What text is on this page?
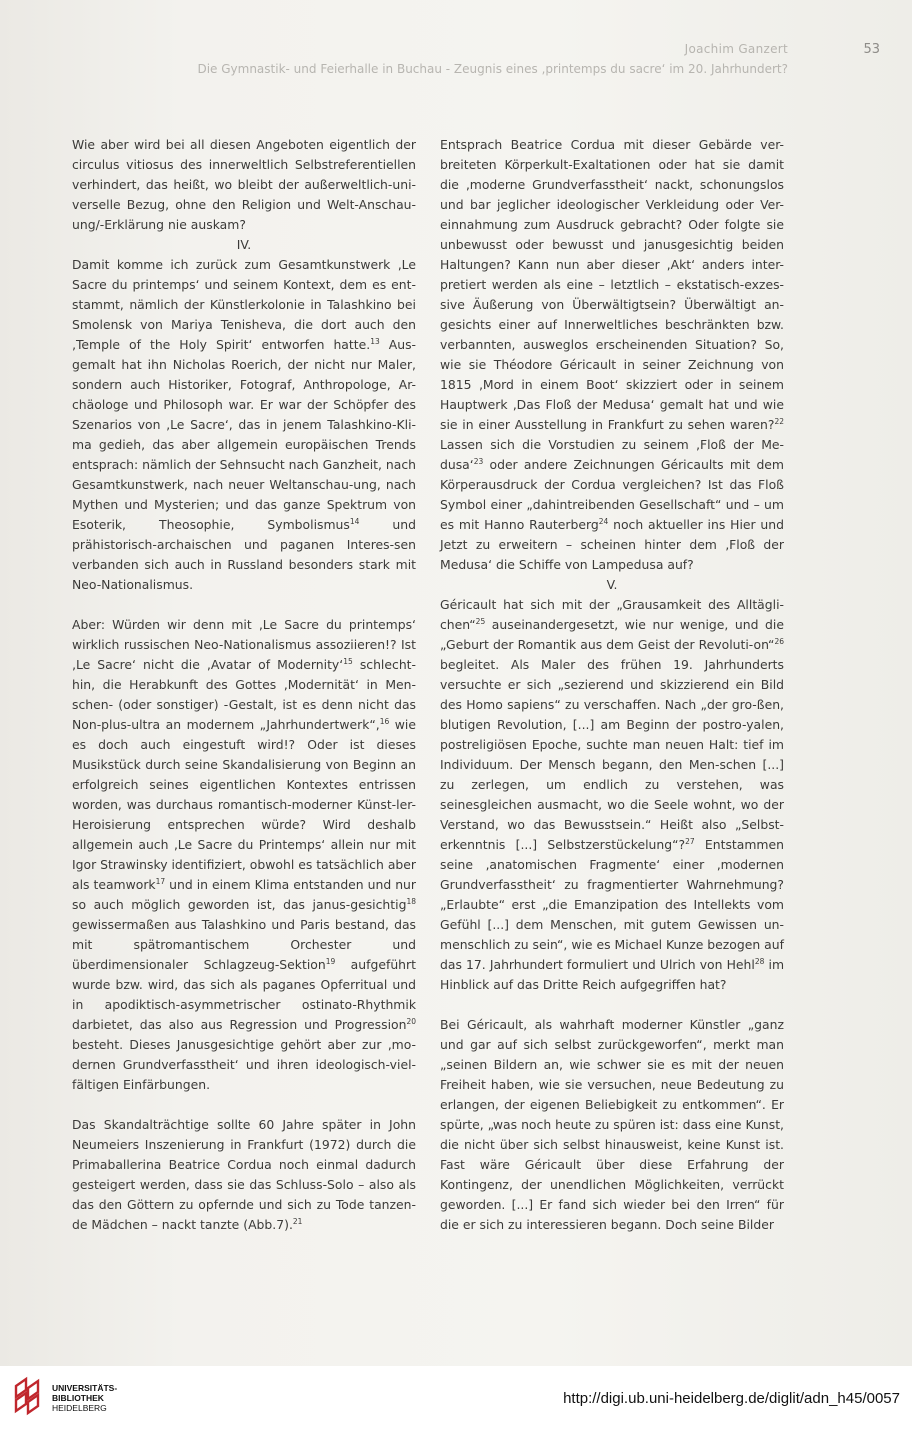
Joachim Ganzert	53
Die Gymnastik- und Feierhalle in Buchau - Zeugnis eines ‚printemps du sacre‘ im 20. Jahrhundert?

Wie aber wird bei all diesen Angeboten eigentlich der circulus vitiosus des innerweltlich Selbstreferentiellen verhindert, das heißt, wo bleibt der außerweltlich-uni-verselle Bezug, ohne den Religion und Welt-Anschau-ung/-Erklärung nie auskam?

IV.

Damit komme ich zurück zum Gesamtkunstwerk ‚Le Sacre du printemps‘ und seinem Kontext, dem es ent-stammt, nämlich der Künstlerkolonie in Talashkino bei Smolensk von Mariya Tenisheva, die dort auch den ‚Temple of the Holy Spirit‘ entworfen hatte.$^{13}$ Aus-gemalt hat ihn Nicholas Roerich, der nicht nur Maler, sondern auch Historiker, Fotograf, Anthropologe, Ar-chäologe und Philosoph war. Er war der Schöpfer des Szenarios von ‚Le Sacre‘, das in jenem Talashkino-Kli-ma gedieh, das aber allgemein europäischen Trends entsprach: nämlich der Sehnsucht nach Ganzheit, nach Gesamtkunstwerk, nach neuer Weltanschau-ung, nach Mythen und Mysterien; und das ganze Spektrum von Esoterik, Theosophie, Symbolismus$^{14}$ und prähistorisch-archaischen und paganen Interes-sen verbanden sich auch in Russland besonders stark mit Neo-Nationalismus.

Aber: Würden wir denn mit ‚Le Sacre du printemps‘ wirklich russischen Neo-Nationalismus assoziieren!? Ist ‚Le Sacre‘ nicht die ‚Avatar of Modernity‘$^{15}$ schlecht-hin, die Herabkunft des Gottes ‚Modernität‘ in Men-schen- (oder sonstiger) -Gestalt, ist es denn nicht das Non-plus-ultra an modernem „Jahrhundertwerk“,$^{16}$ wie es doch auch eingestuft wird!? Oder ist dieses Musikstück durch seine Skandalisierung von Beginn an erfolgreich seines eigentlichen Kontextes entrissen worden, was durchaus romantisch-moderner Künst-ler-Heroisierung entsprechen würde? Wird deshalb allgemein auch ‚Le Sacre du Printemps‘ allein nur mit Igor Strawinsky identifiziert, obwohl es tatsächlich aber als teamwork$^{17}$ und in einem Klima entstanden und nur so auch möglich geworden ist, das janus-gesichtig$^{18}$ gewissermaßen aus Talashkino und Paris bestand, das mit spätromantischem Orchester und überdimensionaler Schlagzeug-Sektion$^{19}$ aufgeführt wurde bzw. wird, das sich als paganes Opferritual und in apodiktisch-asymmetrischer ostinato-Rhythmik darbietet, das also aus Regression und Progression$^{20}$ besteht. Dieses Janusgesichtige gehört aber zur ‚mo-dernen Grundverfasstheit‘ und ihren ideologisch-viel-fältigen Einfärbungen.

Das Skandalträchtige sollte 60 Jahre später in John Neumeiers Inszenierung in Frankfurt (1972) durch die Primaballerina Beatrice Cordua noch einmal dadurch gesteigert werden, dass sie das Schluss-Solo – also als das den Göttern zu opfernde und sich zu Tode tanzen-de Mädchen – nackt tanzte (Abb.7).$^{21}$

Entsprach Beatrice Cordua mit dieser Gebärde ver-breiteten Körperkult-Exaltationen oder hat sie damit die ‚moderne Grundverfasstheit‘ nackt, schonungslos und bar jeglicher ideologischer Verkleidung oder Ver-einnahmung zum Ausdruck gebracht? Oder folgte sie unbewusst oder bewusst und janusgesichtig beiden Haltungen? Kann nun aber dieser ‚Akt‘ anders inter-pretiert werden als eine – letztlich – ekstatisch-exzes-sive Äußerung von Überwältigtsein? Überwältigt an-gesichts einer auf Innerweltliches beschränkten bzw. verbannten, ausweglos erscheinenden Situation? So, wie sie Théodore Géricault in seiner Zeichnung von 1815 ‚Mord in einem Boot‘ skizziert oder in seinem Hauptwerk ‚Das Floß der Medusa‘ gemalt hat und wie sie in einer Ausstellung in Frankfurt zu sehen waren?$^{22}$ Lassen sich die Vorstudien zu seinem ‚Floß der Me-dusa‘$^{23}$ oder andere Zeichnungen Géricaults mit dem Körperausdruck der Cordua vergleichen? Ist das Floß Symbol einer „dahintreibenden Gesellschaft“ und – um es mit Hanno Rauterberg$^{24}$ noch aktueller ins Hier und Jetzt zu erweitern – scheinen hinter dem ‚Floß der Medusa‘ die Schiffe von Lampedusa auf?

V.

Géricault hat sich mit der „Grausamkeit des Alltägli-chen“$^{25}$ auseinandergesetzt, wie nur wenige, und die „Geburt der Romantik aus dem Geist der Revoluti-on“$^{26}$ begleitet. Als Maler des frühen 19. Jahrhunderts versuchte er sich „sezierend und skizzierend ein Bild des Homo sapiens“ zu verschaffen. Nach „der gro-ßen, blutigen Revolution, [...] am Beginn der postro-yalen, postreligiösen Epoche, suchte man neuen Halt: tief im Individuum. Der Mensch begann, den Men-schen [...] zu zerlegen, um endlich zu verstehen, was seinesgleichen ausmacht, wo die Seele wohnt, wo der Verstand, wo das Bewusstsein.“ Heißt also „Selbst-erkenntnis [...] Selbstzerstückelung“?$^{27}$ Entstammen seine ‚anatomischen Fragmente‘ einer ‚modernen Grundverfasstheit‘ zu fragmentierter Wahrnehmung? „Erlaubte“ erst „die Emanzipation des Intellekts vom Gefühl [...] dem Menschen, mit gutem Gewissen un-menschlich zu sein“, wie es Michael Kunze bezogen auf das 17. Jahrhundert formuliert und Ulrich von Hehl$^{28}$ im Hinblick auf das Dritte Reich aufgegriffen hat?

Bei Géricault, als wahrhaft moderner Künstler „ganz und gar auf sich selbst zurückgeworfen“, merkt man „seinen Bildern an, wie schwer sie es mit der neuen Freiheit haben, wie sie versuchen, neue Bedeutung zu erlangen, der eigenen Beliebigkeit zu entkommen“. Er spürte, „was noch heute zu spüren ist: dass eine Kunst, die nicht über sich selbst hinausweist, keine Kunst ist. Fast wäre Géricault über diese Erfahrung der Kontingenz, der unendlichen Möglichkeiten, verrückt geworden. [...] Er fand sich wieder bei den Irren“ für die er sich zu interessieren begann. Doch seine Bilder

UNIVERSITÄTS-
BIBLIOTHEK
HEIDELBERG
http://digi.ub.uni-heidelberg.de/diglit/adn_h45/0057
